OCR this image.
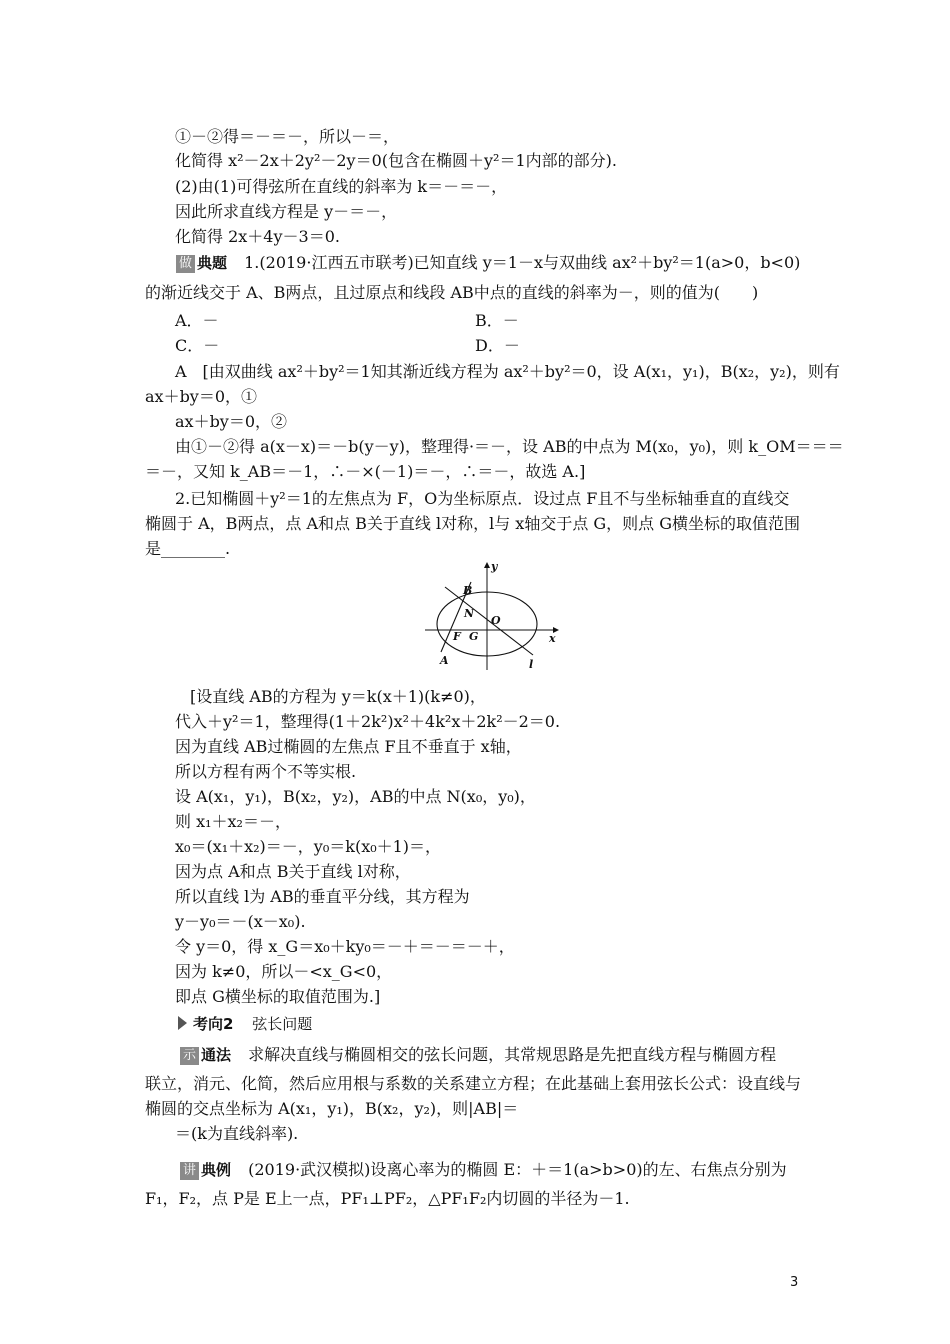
①－②得＝－＝－，所以－＝，
化简得 x²－2x＋2y²－2y＝0(包含在椭圆＋y²＝1内部的部分).
(2)由(1)可得弦所在直线的斜率为 k＝－＝－，
因此所求直线方程是 y－＝－，
化简得 2x＋4y－3＝0.
做 典题 1.(2019·江西五市联考)已知直线 y＝1－x与双曲线 ax²＋by²＝1(a>0，b<0)
的渐近线交于 A、B两点，且过原点和线段 AB中点的直线的斜率为－，则的值为(　　)
A．－	B．－
C．－	D．－
A　[由双曲线 ax²＋by²＝1知其渐近线方程为 ax²＋by²＝0，设 A(x₁，y₁)，B(x₂，y₂)，则有
ax＋by＝0，①
ax＋by＝0，②
由①－②得 a(x－x)＝－b(y－y)，整理得·＝－，设 AB的中点为 M(x₀，y₀)，则 k_OM＝＝＝
＝－，又知 k_AB＝－1，∴－×(－1)＝－，∴＝－，故选 A.]
2.已知椭圆＋y²＝1的左焦点为 F，O为坐标原点．设过点 F且不与坐标轴垂直的直线交
椭圆于 A，B两点，点 A和点 B关于直线 l对称，l与 x轴交于点 G，则点 G横坐标的取值范围
是________.
y
x
B
N
O
F G
A	l
[设直线 AB的方程为 y＝k(x＋1)(k≠0)，
代入＋y²＝1，整理得(1＋2k²)x²＋4k²x＋2k²－2＝0.
因为直线 AB过椭圆的左焦点 F且不垂直于 x轴，
所以方程有两个不等实根.
设 A(x₁，y₁)，B(x₂，y₂)，AB的中点 N(x₀，y₀)，
则 x₁＋x₂＝－，
x₀＝(x₁＋x₂)＝－，y₀＝k(x₀＋1)＝，
因为点 A和点 B关于直线 l对称，
所以直线 l为 AB的垂直平分线，其方程为
y－y₀＝－(x－x₀).
令 y＝0，得 x_G＝x₀＋ky₀＝－＋＝－＝－＋，
因为 k≠0，所以－<x_G<0，
即点 G横坐标的取值范围为.]
考向2 弦长问题
示 通法 求解决直线与椭圆相交的弦长问题，其常规思路是先把直线方程与椭圆方程
联立，消元、化简，然后应用根与系数的关系建立方程；在此基础上套用弦长公式：设直线与
椭圆的交点坐标为 A(x₁，y₁)，B(x₂，y₂)，则|AB|＝
＝(k为直线斜率).
讲 典例 (2019·武汉模拟)设离心率为的椭圆 E：＋＝1(a>b>0)的左、右焦点分别为
F₁，F₂，点 P是 E上一点，PF₁⊥PF₂，△PF₁F₂内切圆的半径为－1.
3
